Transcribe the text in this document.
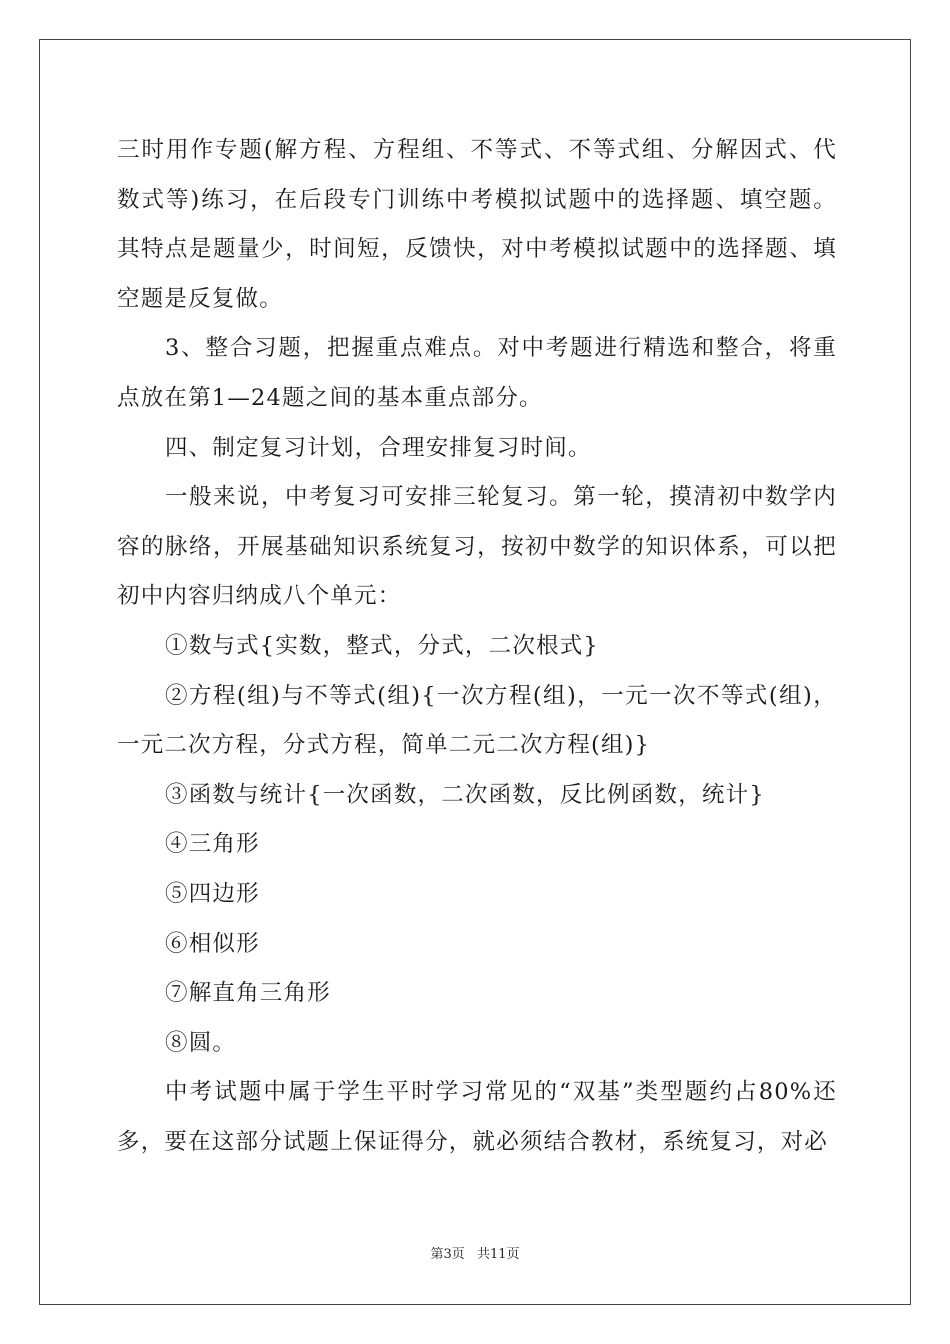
三时用作专题(解方程、方程组、不等式、不等式组、分解因式、代数式等)练习，在后段专门训练中考模拟试题中的选择题、填空题。其特点是题量少，时间短，反馈快，对中考模拟试题中的选择题、填空题是反复做。

3、整合习题，把握重点难点。对中考题进行精选和整合，将重点放在第1—24题之间的基本重点部分。

四、制定复习计划，合理安排复习时间。

一般来说，中考复习可安排三轮复习。第一轮，摸清初中数学内容的脉络，开展基础知识系统复习，按初中数学的知识体系，可以把初中内容归纳成八个单元：

①数与式{实数，整式，分式，二次根式}

②方程(组)与不等式(组){一次方程(组)，一元一次不等式(组)，一元二次方程，分式方程，简单二元二次方程(组)}

③函数与统计{一次函数，二次函数，反比例函数，统计}

④三角形

⑤四边形

⑥相似形

⑦解直角三角形

⑧圆。

中考试题中属于学生平时学习常见的“双基”类型题约占80%还多，要在这部分试题上保证得分，就必须结合教材，系统复习，对必

第3页 共11页
